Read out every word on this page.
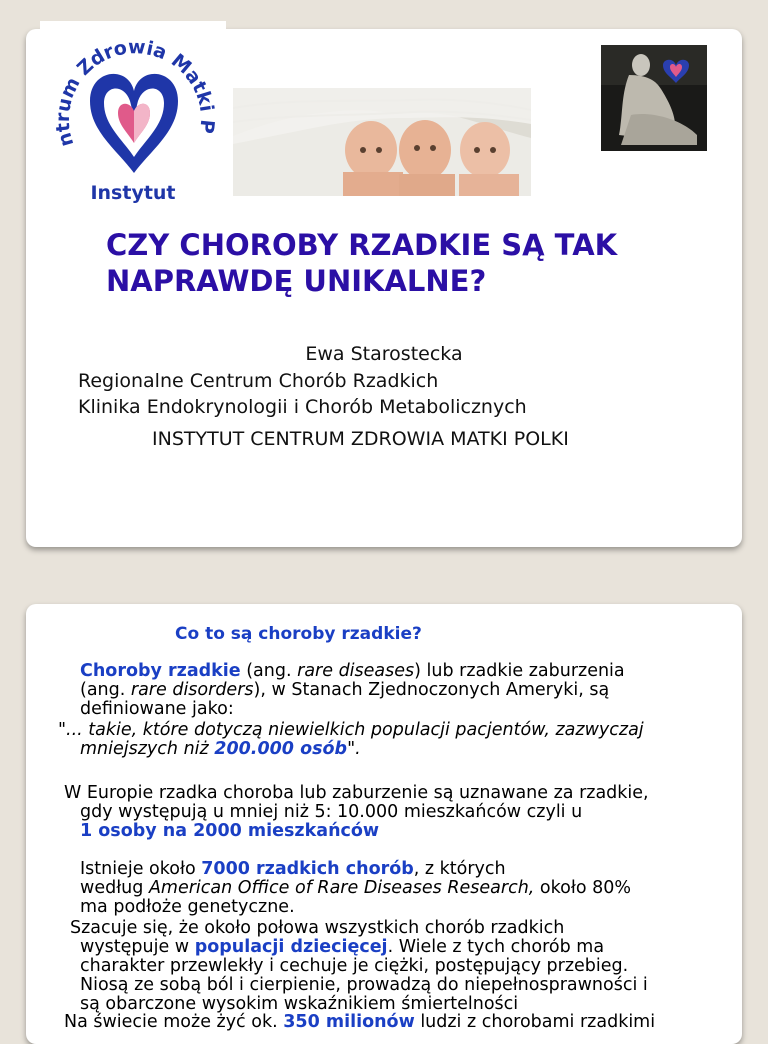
ntrum Zdrowia Matki P
Instytut
CZY CHOROBY RZADKIE SĄ TAK
NAPRAWDĘ UNIKALNE?
Ewa Starostecka
Regionalne Centrum Chorób Rzadkich
Klinika Endokrynologii i Chorób Metabolicznych
INSTYTUT CENTRUM ZDROWIA MATKI POLKI
Co to są choroby rzadkie?
Choroby rzadkie (ang. rare diseases) lub rzadkie zaburzenia
(ang. rare disorders), w Stanach Zjednoczonych Ameryki, są
definiowane jako:
"... takie, które dotyczą niewielkich populacji pacjentów, zazwyczaj
mniejszych niż 200.000 osób".
W Europie rzadka choroba lub zaburzenie są uznawane za rzadkie,
gdy występują u mniej niż 5: 10.000 mieszkańców czyli u
1 osoby na 2000 mieszkańców
Istnieje około 7000 rzadkich chorób, z których
według American Office of Rare Diseases Research, około 80%
ma podłoże genetyczne.
Szacuje się, że około połowa wszystkich chorób rzadkich
występuje w populacji dziecięcej. Wiele z tych chorób ma
charakter przewlekły i cechuje je ciężki, postępujący przebieg.
Niosą ze sobą ból i cierpienie, prowadzą do niepełnosprawności i
są obarczone wysokim wskaźnikiem śmiertelności
Na świecie może żyć ok. 350 milionów ludzi z chorobami rzadkimi
